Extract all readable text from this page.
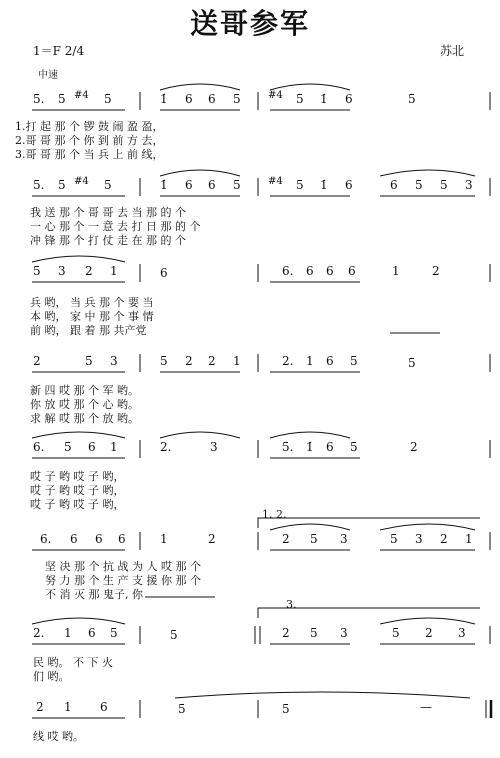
送哥参军
1＝F 2/4	苏北
中速
1. 2.
3.
5. 5 #4 5	1̇ 6 6 5	#4 5 1̇ 6	5
1.打 起 那 个 锣 鼓 闹 盈 盈，
2.哥 哥 那 个 你 到 前 方 去，
3.哥 哥 那 个 当 兵 上 前 线，
5. 5 #4 5	1̇ 6 6 5	#4 5 1̇ 6	6 5 5 3
我 送 那 个 哥 哥 去 当 那 的 个
一 心 那 个 一 意 去 打 日 那 的 个
冲 锋 那 个 打 仗 走 在 那 的 个
5 3 2 1	6	6. 6 6 6	1	2
兵 哟， 当 兵 那 个 要 当
本 哟， 家 中 那 个 事 情
前 哟， 跟 着 那 共产党
2	5 3	5 2 2 1	2. 1 6 5	5
新 四 哎 那 个 军 哟。
你 放 哎 那 个 心 哟。
求 解 哎 那 个 放 哟。
6. 5 6 1	2.	3	5. 1̇ 6 5	2
哎 子 哟 哎 子 哟，
哎 子 哟 哎 子 哟，
哎 子 哟 哎 子 哟，
6. 6 6 6	1	2	2 5 3	5 3 2 1
坚 决 那 个 抗 战 为 人 哎 那 个
努 力 那 个 生 产 支 援 你 那 个
不 消 灭 那 鬼子, 你
2. 1 6 5	5	2 5 3	5 2 3
民 哟。 不 下 火
们 哟。
2 1 6	5	5	—
线 哎 哟。
